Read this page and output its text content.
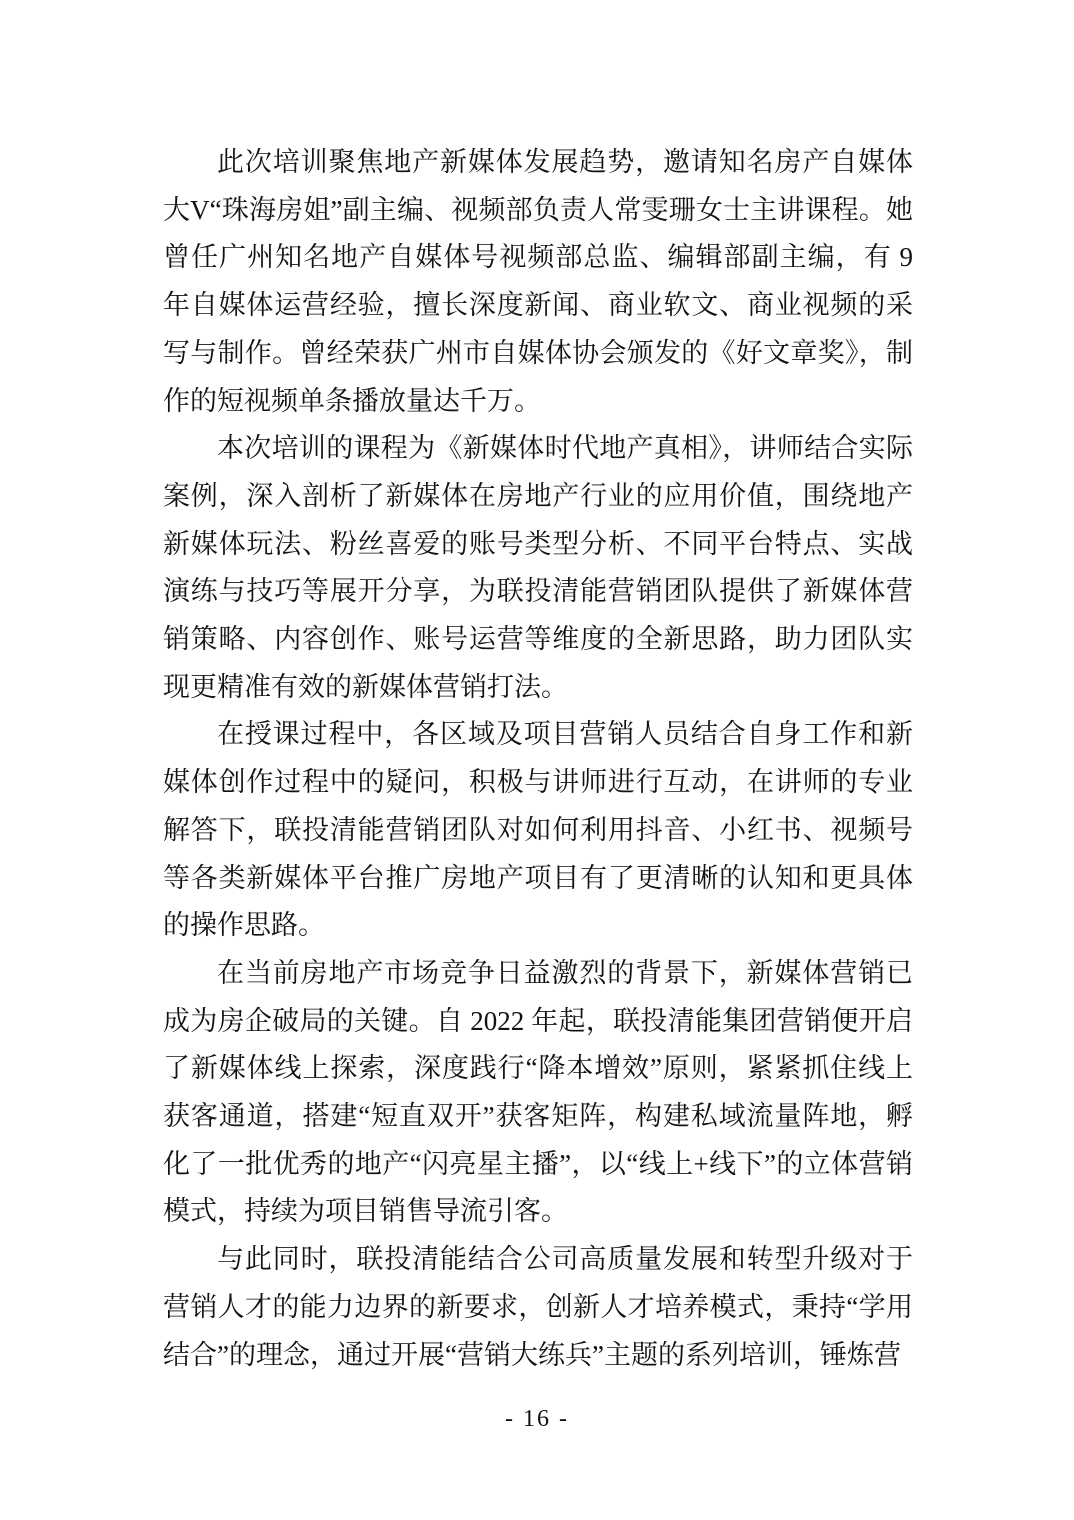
此次培训聚焦地产新媒体发展趋势，邀请知名房产自媒体大V“珠海房姐”副主编、视频部负责人常雯珊女士主讲课程。她曾任广州知名地产自媒体号视频部总监、编辑部副主编，有 9 年自媒体运营经验，擅长深度新闻、商业软文、商业视频的采写与制作。曾经荣获广州市自媒体协会颁发的《好文章奖》，制作的短视频单条播放量达千万。

本次培训的课程为《新媒体时代地产真相》，讲师结合实际案例，深入剖析了新媒体在房地产行业的应用价值，围绕地产新媒体玩法、粉丝喜爱的账号类型分析、不同平台特点、实战演练与技巧等展开分享，为联投清能营销团队提供了新媒体营销策略、内容创作、账号运营等维度的全新思路，助力团队实现更精准有效的新媒体营销打法。

在授课过程中，各区域及项目营销人员结合自身工作和新媒体创作过程中的疑问，积极与讲师进行互动，在讲师的专业解答下，联投清能营销团队对如何利用抖音、小红书、视频号等各类新媒体平台推广房地产项目有了更清晰的认知和更具体的操作思路。

在当前房地产市场竞争日益激烈的背景下，新媒体营销已成为房企破局的关键。自 2022 年起，联投清能集团营销便开启了新媒体线上探索，深度践行“降本增效”原则，紧紧抓住线上获客通道，搭建“短直双开”获客矩阵，构建私域流量阵地，孵化了一批优秀的地产“闪亮星主播”，以“线上+线下”的立体营销模式，持续为项目销售导流引客。

与此同时，联投清能结合公司高质量发展和转型升级对于营销人才的能力边界的新要求，创新人才培养模式，秉持“学用结合”的理念，通过开展“营销大练兵”主题的系列培训，锤炼营

- 16 -
